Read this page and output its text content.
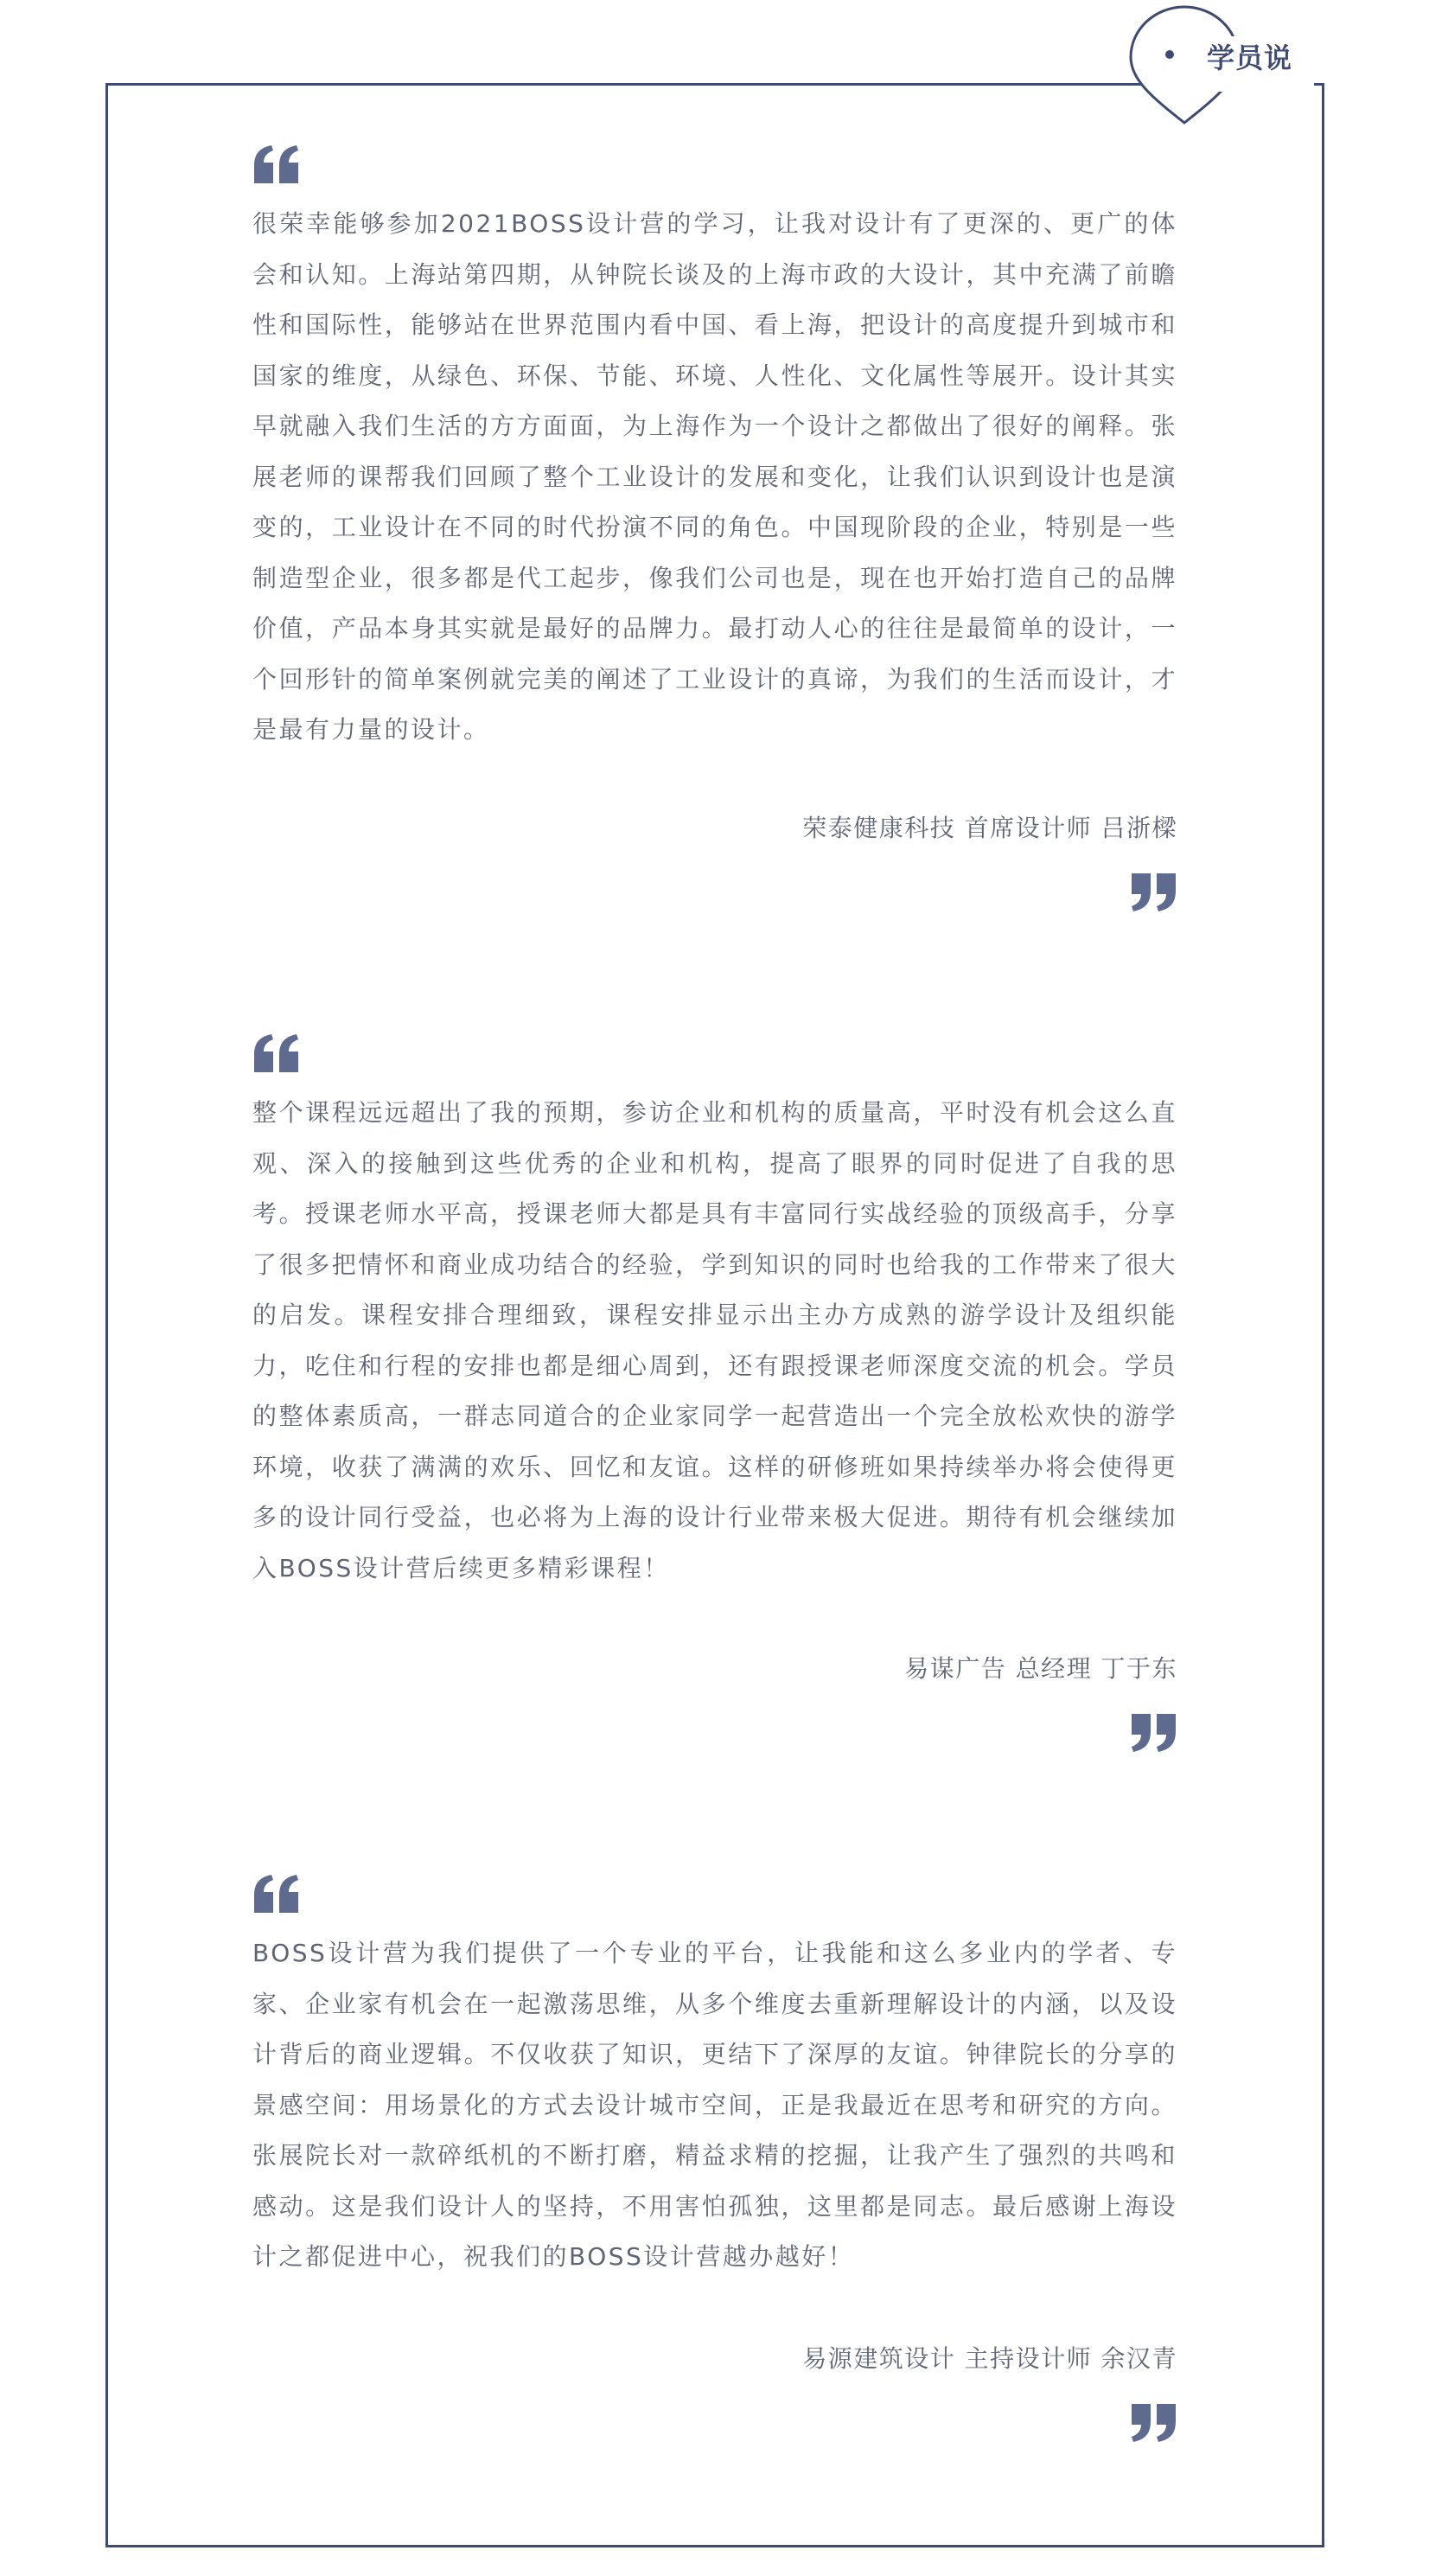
学员说

很荣幸能够参加2021BOSS设计营的学习，让我对设计有了更深的、更广的体会和认知。上海站第四期，从钟院长谈及的上海市政的大设计，其中充满了前瞻性和国际性，能够站在世界范围内看中国、看上海，把设计的高度提升到城市和国家的维度，从绿色、环保、节能、环境、人性化、文化属性等展开。设计其实早就融入我们生活的方方面面，为上海作为一个设计之都做出了很好的阐释。张展老师的课帮我们回顾了整个工业设计的发展和变化，让我们认识到设计也是演变的，工业设计在不同的时代扮演不同的角色。中国现阶段的企业，特别是一些制造型企业，很多都是代工起步，像我们公司也是，现在也开始打造自己的品牌价值，产品本身其实就是最好的品牌力。最打动人心的往往是最简单的设计，一个回形针的简单案例就完美的阐述了工业设计的真谛，为我们的生活而设计，才是最有力量的设计。

荣泰健康科技 首席设计师 吕浙樑

整个课程远远超出了我的预期，参访企业和机构的质量高，平时没有机会这么直观、深入的接触到这些优秀的企业和机构，提高了眼界的同时促进了自我的思考。授课老师水平高，授课老师大都是具有丰富同行实战经验的顶级高手，分享了很多把情怀和商业成功结合的经验，学到知识的同时也给我的工作带来了很大的启发。课程安排合理细致，课程安排显示出主办方成熟的游学设计及组织能力，吃住和行程的安排也都是细心周到，还有跟授课老师深度交流的机会。学员的整体素质高，一群志同道合的企业家同学一起营造出一个完全放松欢快的游学环境，收获了满满的欢乐、回忆和友谊。这样的研修班如果持续举办将会使得更多的设计同行受益，也必将为上海的设计行业带来极大促进。期待有机会继续加入BOSS设计营后续更多精彩课程！

易谋广告 总经理 丁于东

BOSS设计营为我们提供了一个专业的平台，让我能和这么多业内的学者、专家、企业家有机会在一起激荡思维，从多个维度去重新理解设计的内涵，以及设计背后的商业逻辑。不仅收获了知识，更结下了深厚的友谊。钟律院长的分享的景感空间：用场景化的方式去设计城市空间，正是我最近在思考和研究的方向。张展院长对一款碎纸机的不断打磨，精益求精的挖掘，让我产生了强烈的共鸣和感动。这是我们设计人的坚持，不用害怕孤独，这里都是同志。最后感谢上海设计之都促进中心，祝我们的BOSS设计营越办越好！

易源建筑设计 主持设计师 余汉青
